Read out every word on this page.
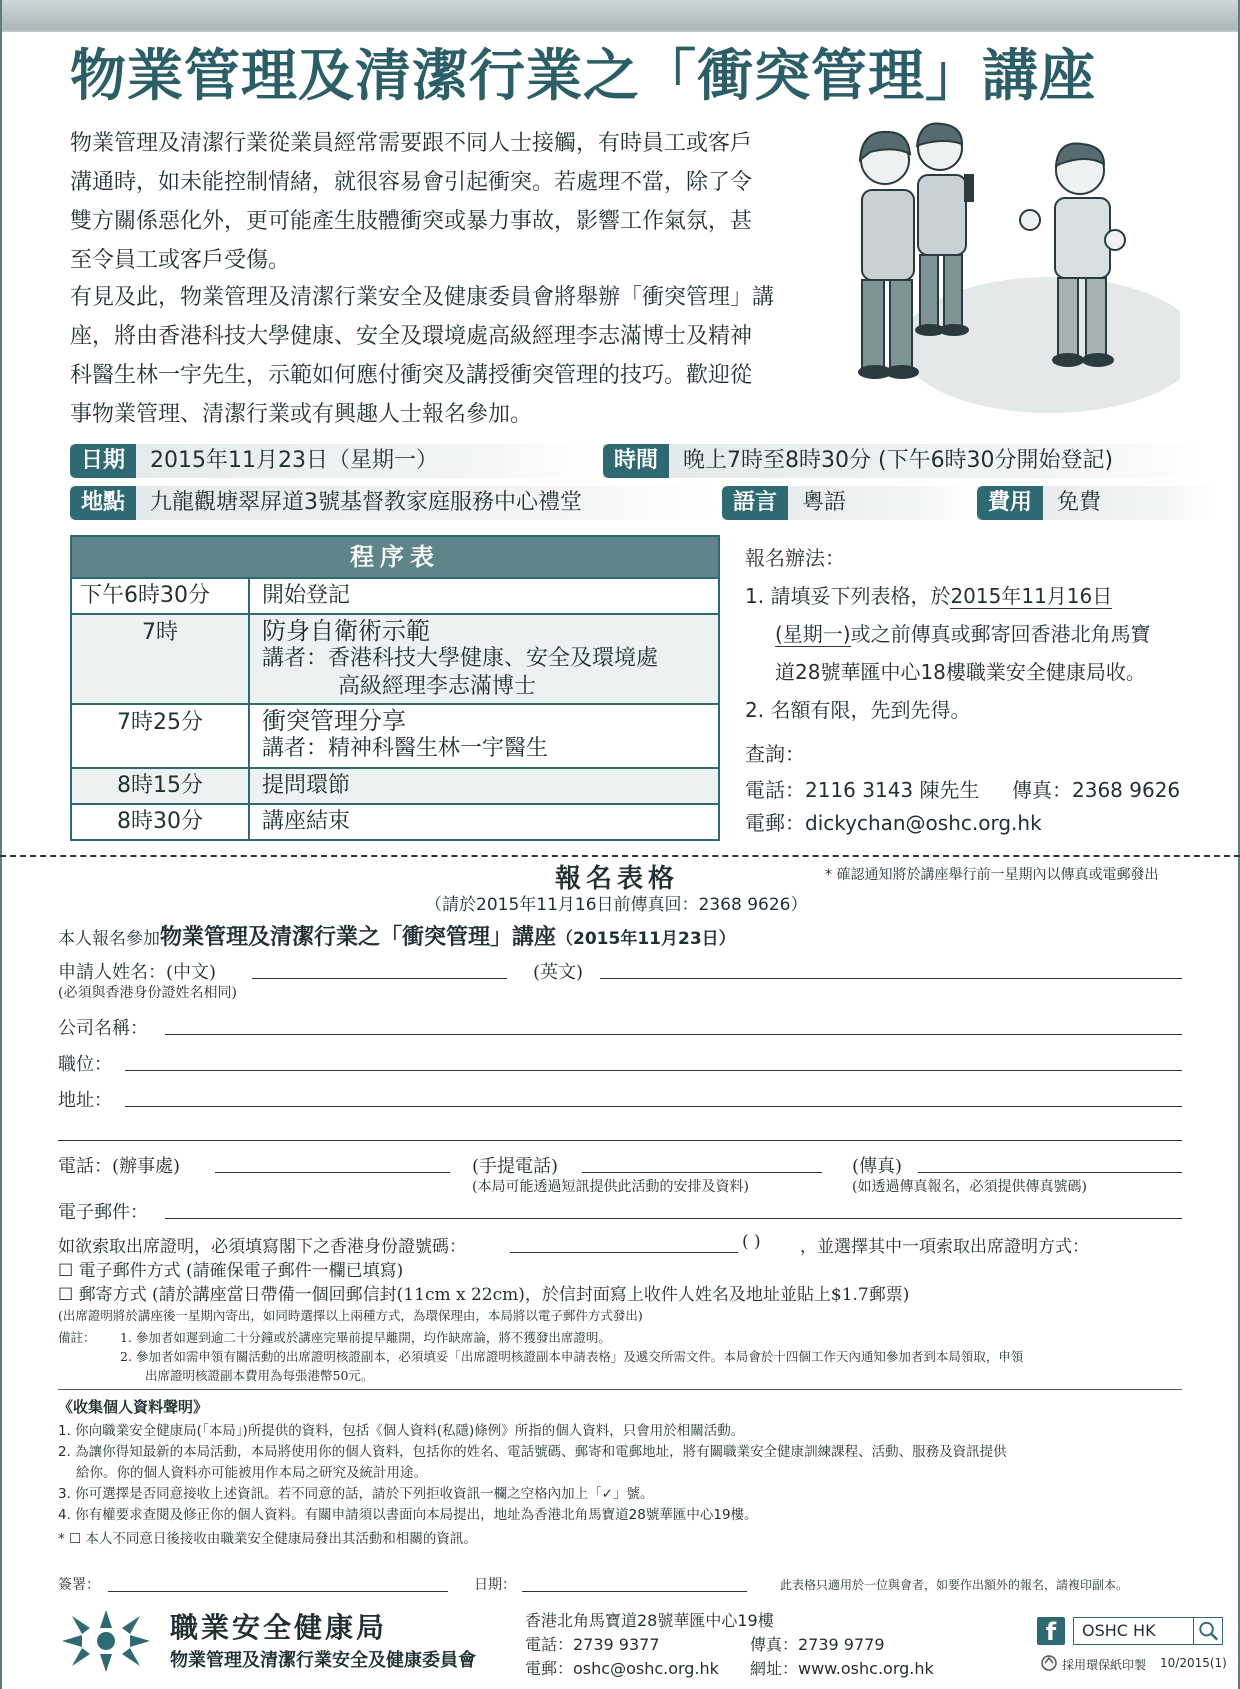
物業管理及清潔行業之「衝突管理」講座
物業管理及清潔行業從業員經常需要跟不同人士接觸，有時員工或客戶
溝通時，如未能控制情緒，就很容易會引起衝突。若處理不當，除了令
雙方關係惡化外，更可能產生肢體衝突或暴力事故，影響工作氣氛，甚
至令員工或客戶受傷。
有見及此，物業管理及清潔行業安全及健康委員會將舉辦「衝突管理」講
座，將由香港科技大學健康、安全及環境處高級經理李志滿博士及精神
科醫生林一宇先生，示範如何應付衝突及講授衝突管理的技巧。歡迎從
事物業管理、清潔行業或有興趣人士報名參加。
日期	2015年11月23日（星期一）	時間	晚上7時至8時30分 (下午6時30分開始登記)
地點	九龍觀塘翠屏道3號基督教家庭服務中心禮堂	語言	粵語	費用	免費
程序表
下午6時30分	開始登記
7時	防身自衛術示範
講者：香港科技大學健康、安全及環境處
高級經理李志滿博士
7時25分	衝突管理分享
講者：精神科醫生林一宇醫生
8時15分	提問環節
8時30分	講座結束
報名辦法：
1. 請填妥下列表格，於2015年11月16日
(星期一)或之前傳真或郵寄回香港北角馬寶
道28號華匯中心18樓職業安全健康局收。
2. 名額有限，先到先得。
查詢：
電話：2116 3143 陳先生 傳真：2368 9626
電郵：dickychan@oshc.org.hk
報名表格	* 確認通知將於講座舉行前一星期內以傳真或電郵發出
（請於2015年11月16日前傳真回：2368 9626）
本人報名參加物業管理及清潔行業之「衝突管理」講座（2015年11月23日）
申請人姓名：(中文)	(英文)
(必須與香港身份證姓名相同)
公司名稱：
職位：
地址：
電話：(辦事處)	(手提電話)
(本局可能透過短訊提供此活動的安排及資料)
(傳真)
(如透過傳真報名，必須提供傳真號碼)
電子郵件：
如欲索取出席證明，必須填寫閣下之香港身份證號碼：	( ) ，並選擇其中一項索取出席證明方式：
☐ 電子郵件方式 (請確保電子郵件一欄已填寫)
☐ 郵寄方式 (請於講座當日帶備一個回郵信封(11cm x 22cm)，於信封面寫上收件人姓名及地址並貼上$1.7郵票)
(出席證明將於講座後一星期內寄出，如同時選擇以上兩種方式，為環保理由，本局將以電子郵件方式發出)
備註： 1. 參加者如遲到逾二十分鐘或於講座完畢前提早離開，均作缺席論，將不獲發出席證明。
2. 參加者如需申領有關活動的出席證明核證副本，必須填妥「出席證明核證副本申請表格」及遞交所需文件。本局會於十四個工作天內通知參加者到本局領取，申領
出席證明核證副本費用為每張港幣50元。
《收集個人資料聲明》
1. 你向職業安全健康局(「本局」)所提供的資料，包括《個人資料(私隱)條例》所指的個人資料，只會用於相關活動。
2. 為讓你得知最新的本局活動，本局將使用你的個人資料，包括你的姓名、電話號碼、郵寄和電郵地址，將有關職業安全健康訓練課程、活動、服務及資訊提供
給你。你的個人資料亦可能被用作本局之研究及統計用途。
3. 你可選擇是否同意接收上述資訊。若不同意的話，請於下列拒收資訊一欄之空格內加上「✓」號。
4. 你有權要求查閱及修正你的個人資料。有關申請須以書面向本局提出，地址為香港北角馬寶道28號華匯中心19樓。
* ☐ 本人不同意日後接收由職業安全健康局發出其活動和相關的資訊。
簽署：	日期：	此表格只適用於一位與會者，如要作出額外的報名，請複印副本。
職業安全健康局
物業管理及清潔行業安全及健康委員會
香港北角馬寶道28號華匯中心19樓
電話：2739 9377	傳真：2739 9779
電郵：oshc@oshc.org.hk 網址：www.oshc.org.hk
f	OSHC HK
採用環保紙印製 10/2015(1)
